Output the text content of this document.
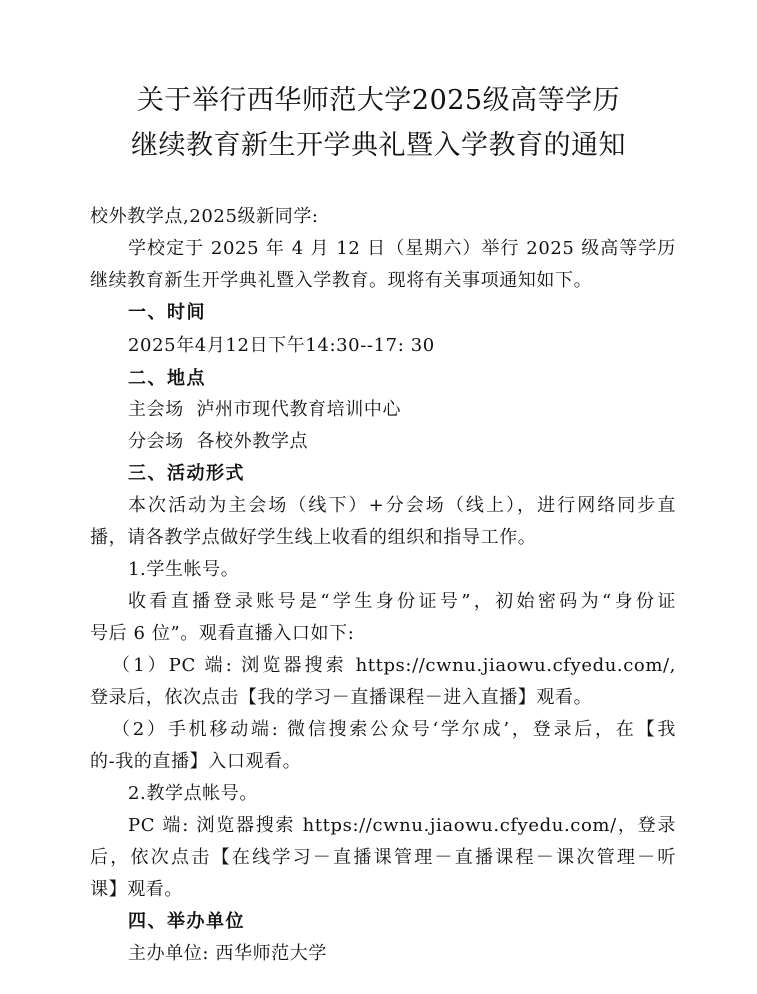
关于举行西华师范大学2025级高等学历
继续教育新生开学典礼暨入学教育的通知
校外教学点,2025级新同学:
学校定于 2025 年 4 月 12 日（星期六）举行 2025 级高等学历
继续教育新生开学典礼暨入学教育。现将有关事项通知如下。
一、时间
2025年4月12日下午14:30--17: 30
二、地点
主会场  泸州市现代教育培训中心
分会场  各校外教学点
三、活动形式
本次活动为主会场（线下）+分会场（线上），进行网络同步直
播，请各教学点做好学生线上收看的组织和指导工作。
1.学生帐号。
收看直播登录账号是“学生身份证号”，初始密码为“身份证
号后 6 位”。观看直播入口如下:
（1）PC 端: 浏览器搜索 https://cwnu.jiaowu.cfyedu.com/,
登录后，依次点击【我的学习－直播课程－进入直播】观看。
（2）手机移动端: 微信搜索公众号‘学尔成’，登录后，在【我
的-我的直播】入口观看。
2.教学点帐号。
PC 端: 浏览器搜索 https://cwnu.jiaowu.cfyedu.com/，登录
后，依次点击【在线学习－直播课管理－直播课程－课次管理－听
课】观看。
四、举办单位
主办单位: 西华师范大学
